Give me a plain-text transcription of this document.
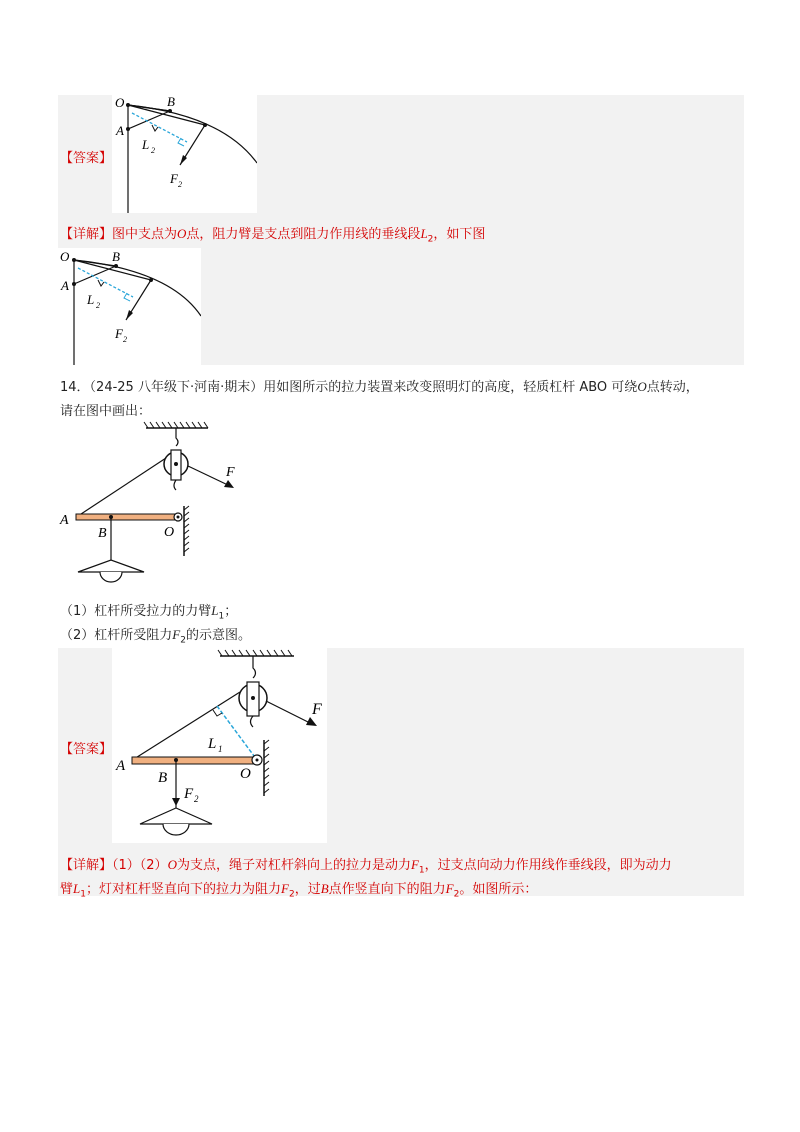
【答案】
O
A
B
L 2
F 2
【详解】图中支点为O点，阻力臂是支点到阻力作用线的垂线段$L_2$，如下图
O
A
B
L 2
F 2
14．（24-25 八年级下·河南·期末）用如图所示的拉力装置来改变照明灯的高度，轻质杠杆 ABO 可绕O点转动，
请在图中画出：
F
A
B	O
（1）杠杆所受拉力的力臂$L_1$；
（2）杠杆所受阻力$F_2$的示意图。
【答案】
F
A
B	O
L 1
F 2
【详解】（1）（2）O为支点，绳子对杠杆斜向上的拉力是动力$F_1$，过支点向动力作用线作垂线段，即为动力
臂$L_1$；灯对杠杆竖直向下的拉力为阻力$F_2$，过B点作竖直向下的阻力$F_2$。如图所示：
